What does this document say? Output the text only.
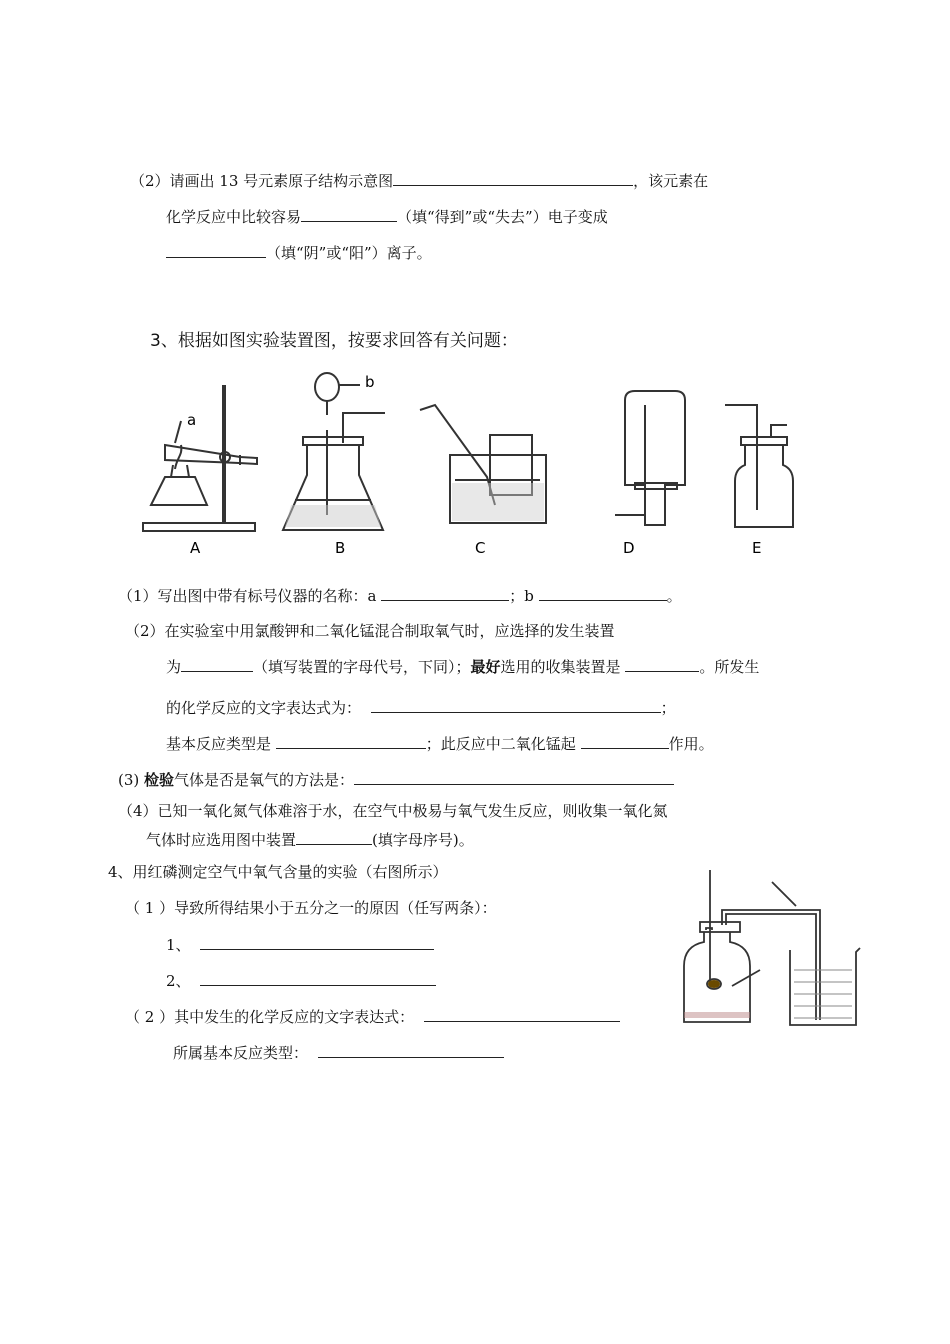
（2）请画出 13 号元素原子结构示意图	，该元素在
化学反应中比较容易	（填“得到”或“失去”）电子变成
（填“阴”或“阳”）离子。
3、根据如图实验装置图，按要求回答有关问题：
a
b
A	B	C	D	E
（1）写出图中带有标号仪器的名称：a	；b	。
（2）在实验室中用氯酸钾和二氧化锰混合制取氧气时，应选择的发生装置
为	（填写装置的字母代号，下同）；最好选用的收集装置是	。所发生
的化学反应的文字表达式为：	；
基本反应类型是	；此反应中二氧化锰起	作用。
(3) 检验气体是否是氧气的方法是：
（4）已知一氧化氮气体难溶于水，在空气中极易与氧气发生反应，则收集一氧化氮
气体时应选用图中装置	(填字母序号)。
4、用红磷测定空气中氧气含量的实验（右图所示）
（ 1 ）导致所得结果小于五分之一的原因（任写两条）：
1、
2、
（ 2 ）其中发生的化学反应的文字表达式：
所属基本反应类型：
